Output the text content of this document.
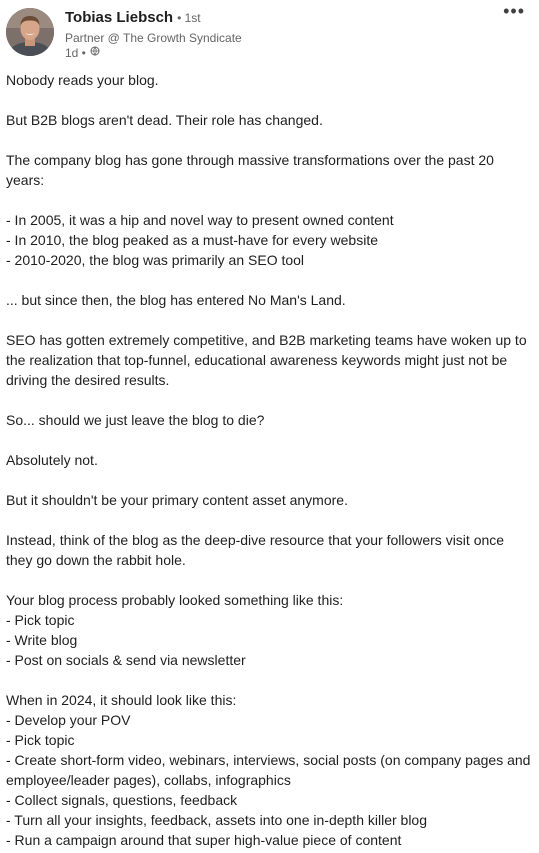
Tobias Liebsch • 1st
Partner @ The Growth Syndicate
1d •
•••
Nobody reads your blog.
But B2B blogs aren't dead. Their role has changed.
The company blog has gone through massive transformations over the past 20
years:
- In 2005, it was a hip and novel way to present owned content
- In 2010, the blog peaked as a must-have for every website
- 2010-2020, the blog was primarily an SEO tool
... but since then, the blog has entered No Man's Land.
SEO has gotten extremely competitive, and B2B marketing teams have woken up to
the realization that top-funnel, educational awareness keywords might just not be
driving the desired results.
So... should we just leave the blog to die?
Absolutely not.
But it shouldn't be your primary content asset anymore.
Instead, think of the blog as the deep-dive resource that your followers visit once
they go down the rabbit hole.
Your blog process probably looked something like this:
- Pick topic
- Write blog
- Post on socials & send via newsletter
When in 2024, it should look like this:
- Develop your POV
- Pick topic
- Create short-form video, webinars, interviews, social posts (on company pages and
employee/leader pages), collabs, infographics
- Collect signals, questions, feedback
- Turn all your insights, feedback, assets into one in-depth killer blog
- Run a campaign around that super high-value piece of content
